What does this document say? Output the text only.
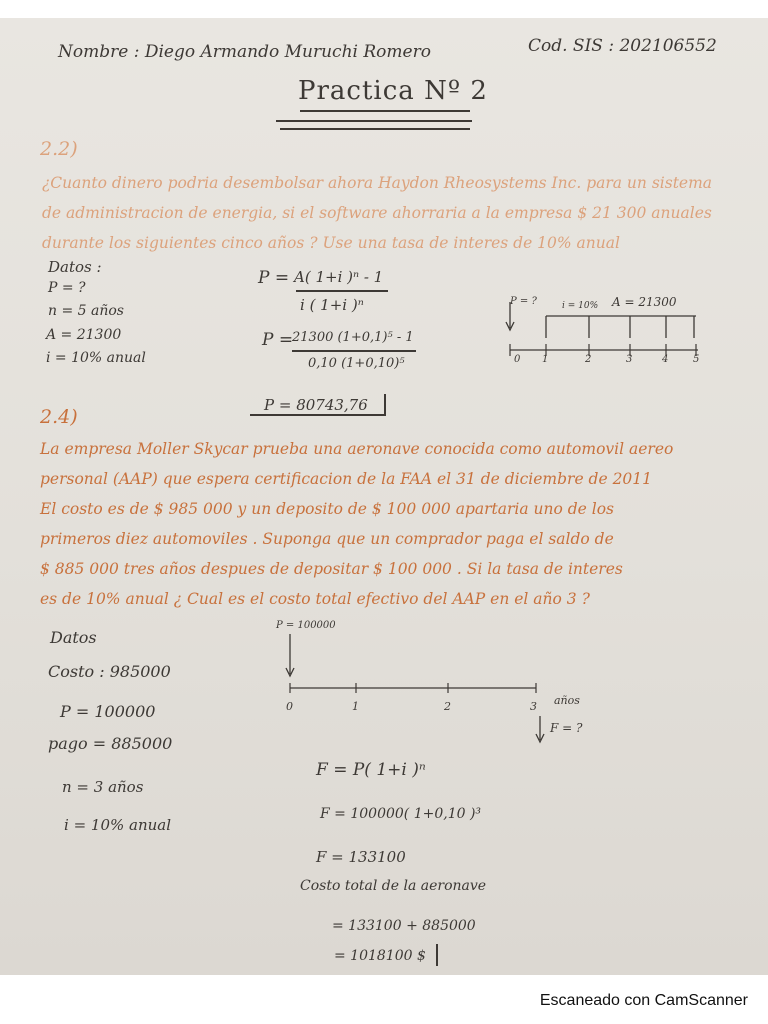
Nombre : Diego Armando Muruchi Romero	Cod. SIS : 202106552
Practica Nº 2
2.2)
¿Cuanto dinero podria desembolsar ahora Haydon Rheosystems Inc. para un sistema
de administracion de energia, si el software ahorraria a la empresa $ 21 300 anuales
durante los siguientes cinco años ? Use una tasa de interes de 10% anual
Datos :
P = ?
n = 5 años
A = 21300
i = 10% anual
P = A( 1+i )ⁿ - 1
i ( 1+i )ⁿ
P =
21300 (1+0,1)⁵ - 1
0,10 (1+0,10)⁵
P = 80743,76
P = ?	i = 10% A = 21300
0 1	2	3	4 5
2.4)
La empresa Moller Skycar prueba una aeronave conocida como automovil aereo
personal (AAP) que espera certificacion de la FAA el 31 de diciembre de 2011
El costo es de $ 985 000 y un deposito de $ 100 000 apartaria uno de los
primeros diez automoviles . Suponga que un comprador paga el saldo de
$ 885 000 tres años despues de depositar $ 100 000 . Si la tasa de interes
es de 10% anual ¿ Cual es el costo total efectivo del AAP en el año 3 ?
Datos
Costo : 985000
P = 100000
pago = 885000
n = 3 años
i = 10% anual
P = 100000
0	1	2	3 años
F = ?
F = P( 1+i )ⁿ
F = 100000( 1+0,10 )³
F = 133100
Costo total de la aeronave
= 133100 + 885000
= 1018100 $
Escaneado con CamScanner
